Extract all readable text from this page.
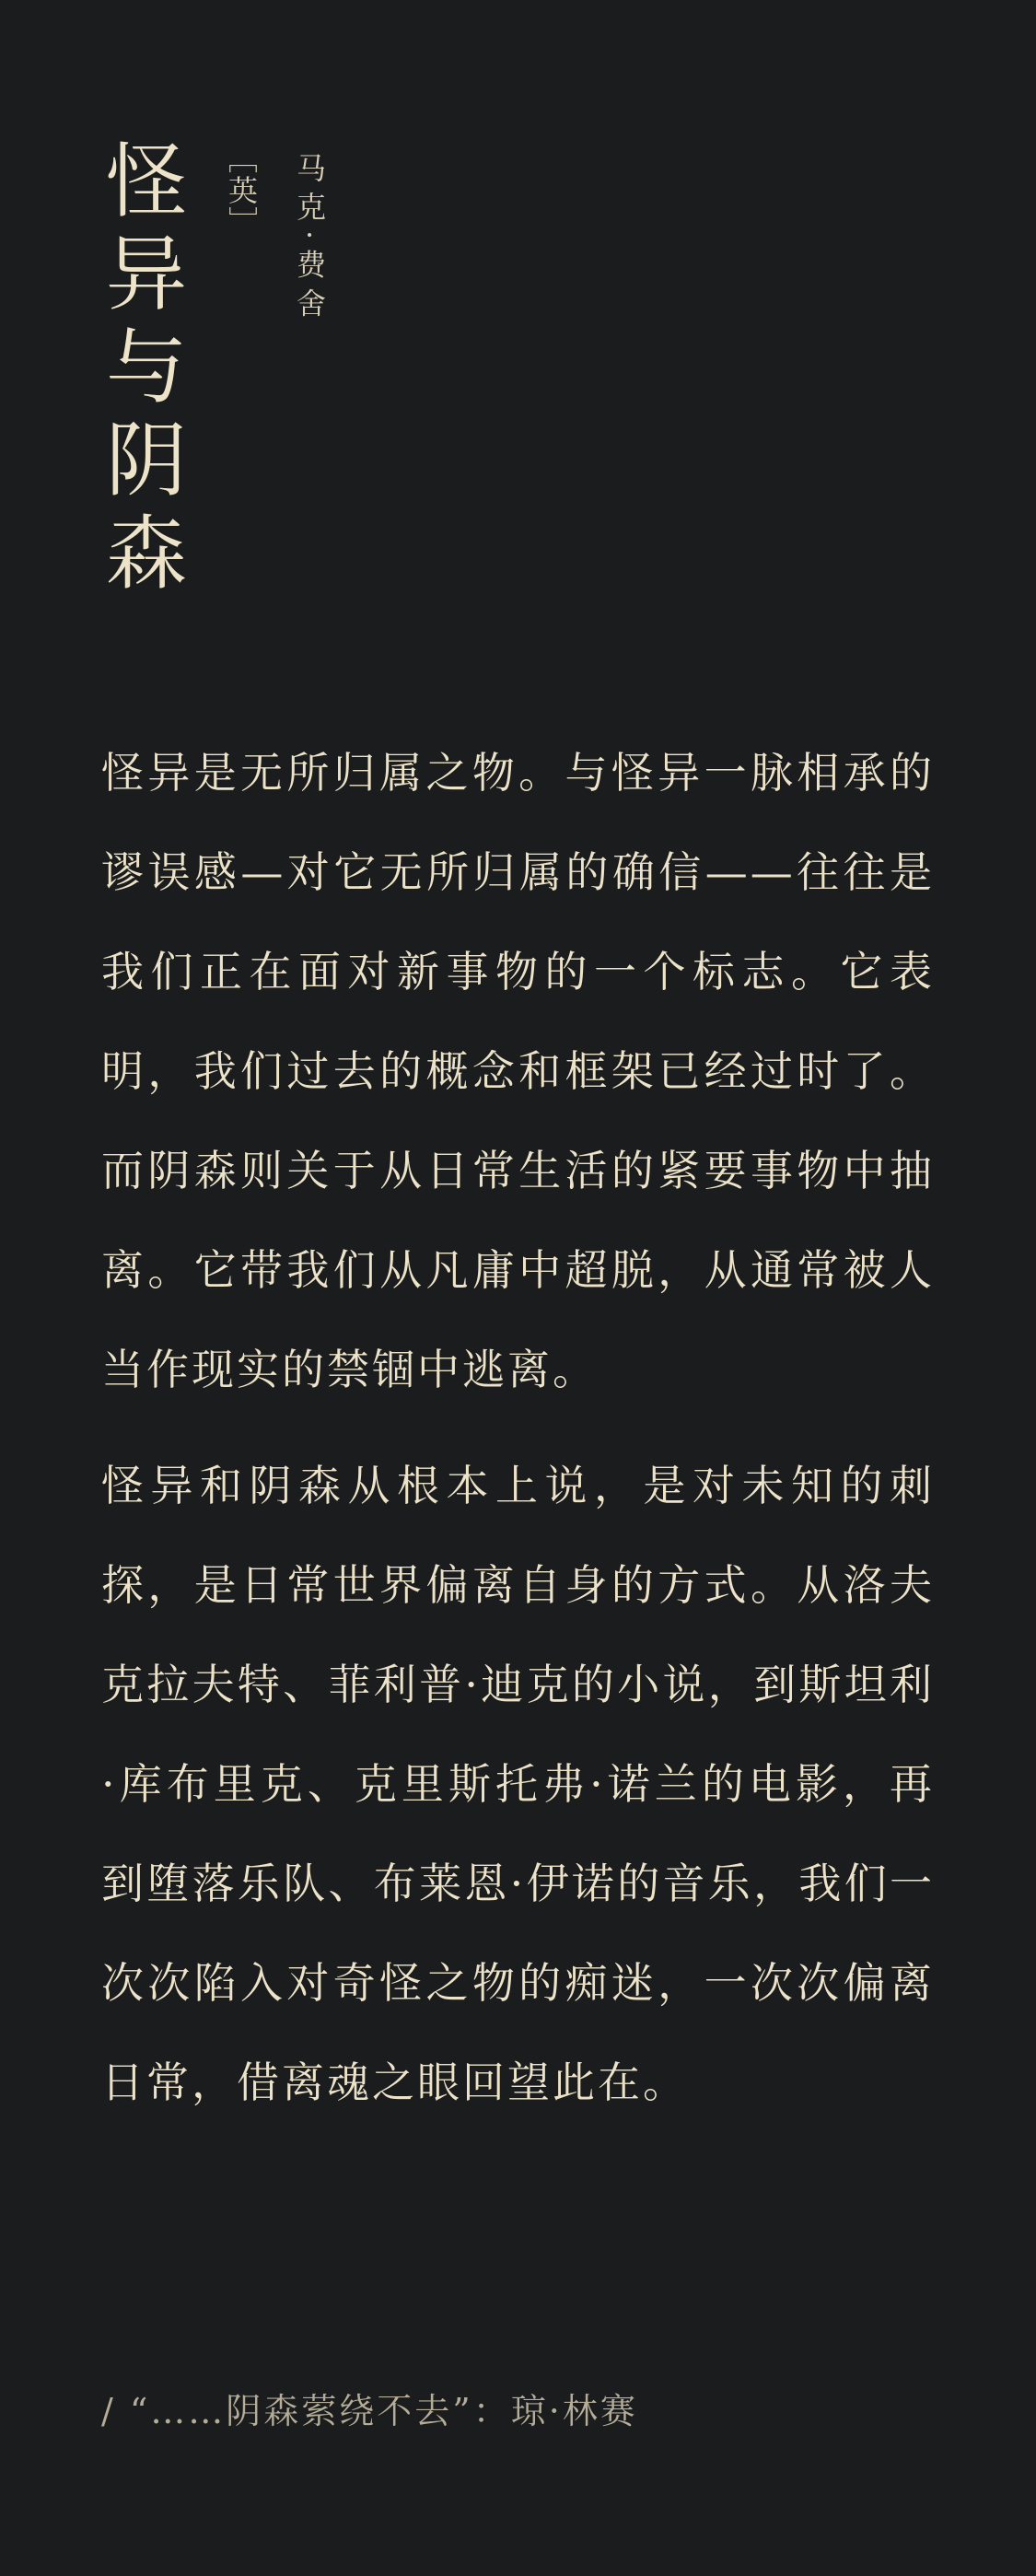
怪异与阴森 ［英］ 马克·费舍

怪异是无所归属之物。与怪异一脉相承的谬误感—对它无所归属的确信——往往是我们正在面对新事物的一个标志。它表明，我们过去的概念和框架已经过时了。而阴森则关于从日常生活的紧要事物中抽离。它带我们从凡庸中超脱，从通常被人当作现实的禁锢中逃离。

怪异和阴森从根本上说，是对未知的刺探，是日常世界偏离自身的方式。从洛夫克拉夫特、菲利普·迪克的小说，到斯坦利·库布里克、克里斯托弗·诺兰的电影，再到堕落乐队、布莱恩·伊诺的音乐，我们一次次陷入对奇怪之物的痴迷，一次次偏离日常，借离魂之眼回望此在。

/ “……阴森萦绕不去”：琼·林赛
